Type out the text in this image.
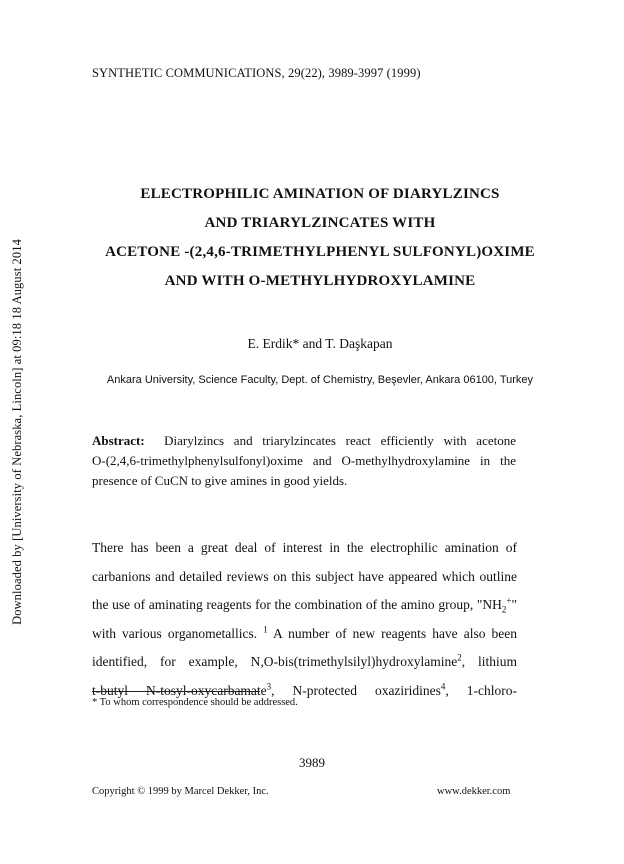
Downloaded by [University of Nebraska, Lincoln] at 09:18 18 August 2014
SYNTHETIC COMMUNICATIONS, 29(22), 3989-3997 (1999)
ELECTROPHILIC AMINATION OF DIARYLZINCS
AND TRIARYLZINCATES WITH
ACETONE -(2,4,6-TRIMETHYLPHENYL SULFONYL)OXIME
AND WITH O-METHYLHYDROXYLAMINE
E. Erdik* and T. Daşkapan
Ankara University, Science Faculty, Dept. of Chemistry, Beşevler, Ankara 06100, Turkey
Abstract: Diarylzincs and triarylzincates react efficiently with acetone
O-(2,4,6-trimethylphenylsulfonyl)oxime and O-methylhydroxylamine in the
presence of CuCN to give amines in good yields.
There has been a great deal of interest in the electrophilic amination of
carbanions and detailed reviews on this subject have appeared which outline
the use of aminating reagents for the combination of the amino group, "$NH_2^+$"
with various organometallics. $^1$ A number of new reagents have also been
identified, for example, N,O-bis(trimethylsilyl)hydroxylamine$^2$, lithium
t-butyl N-tosyl-oxycarbamate$^3$, N-protected oxaziridines$^4$, 1-chloro-
* To whom correspondence should be addressed.
3989
Copyright © 1999 by Marcel Dekker, Inc.	www.dekker.com
